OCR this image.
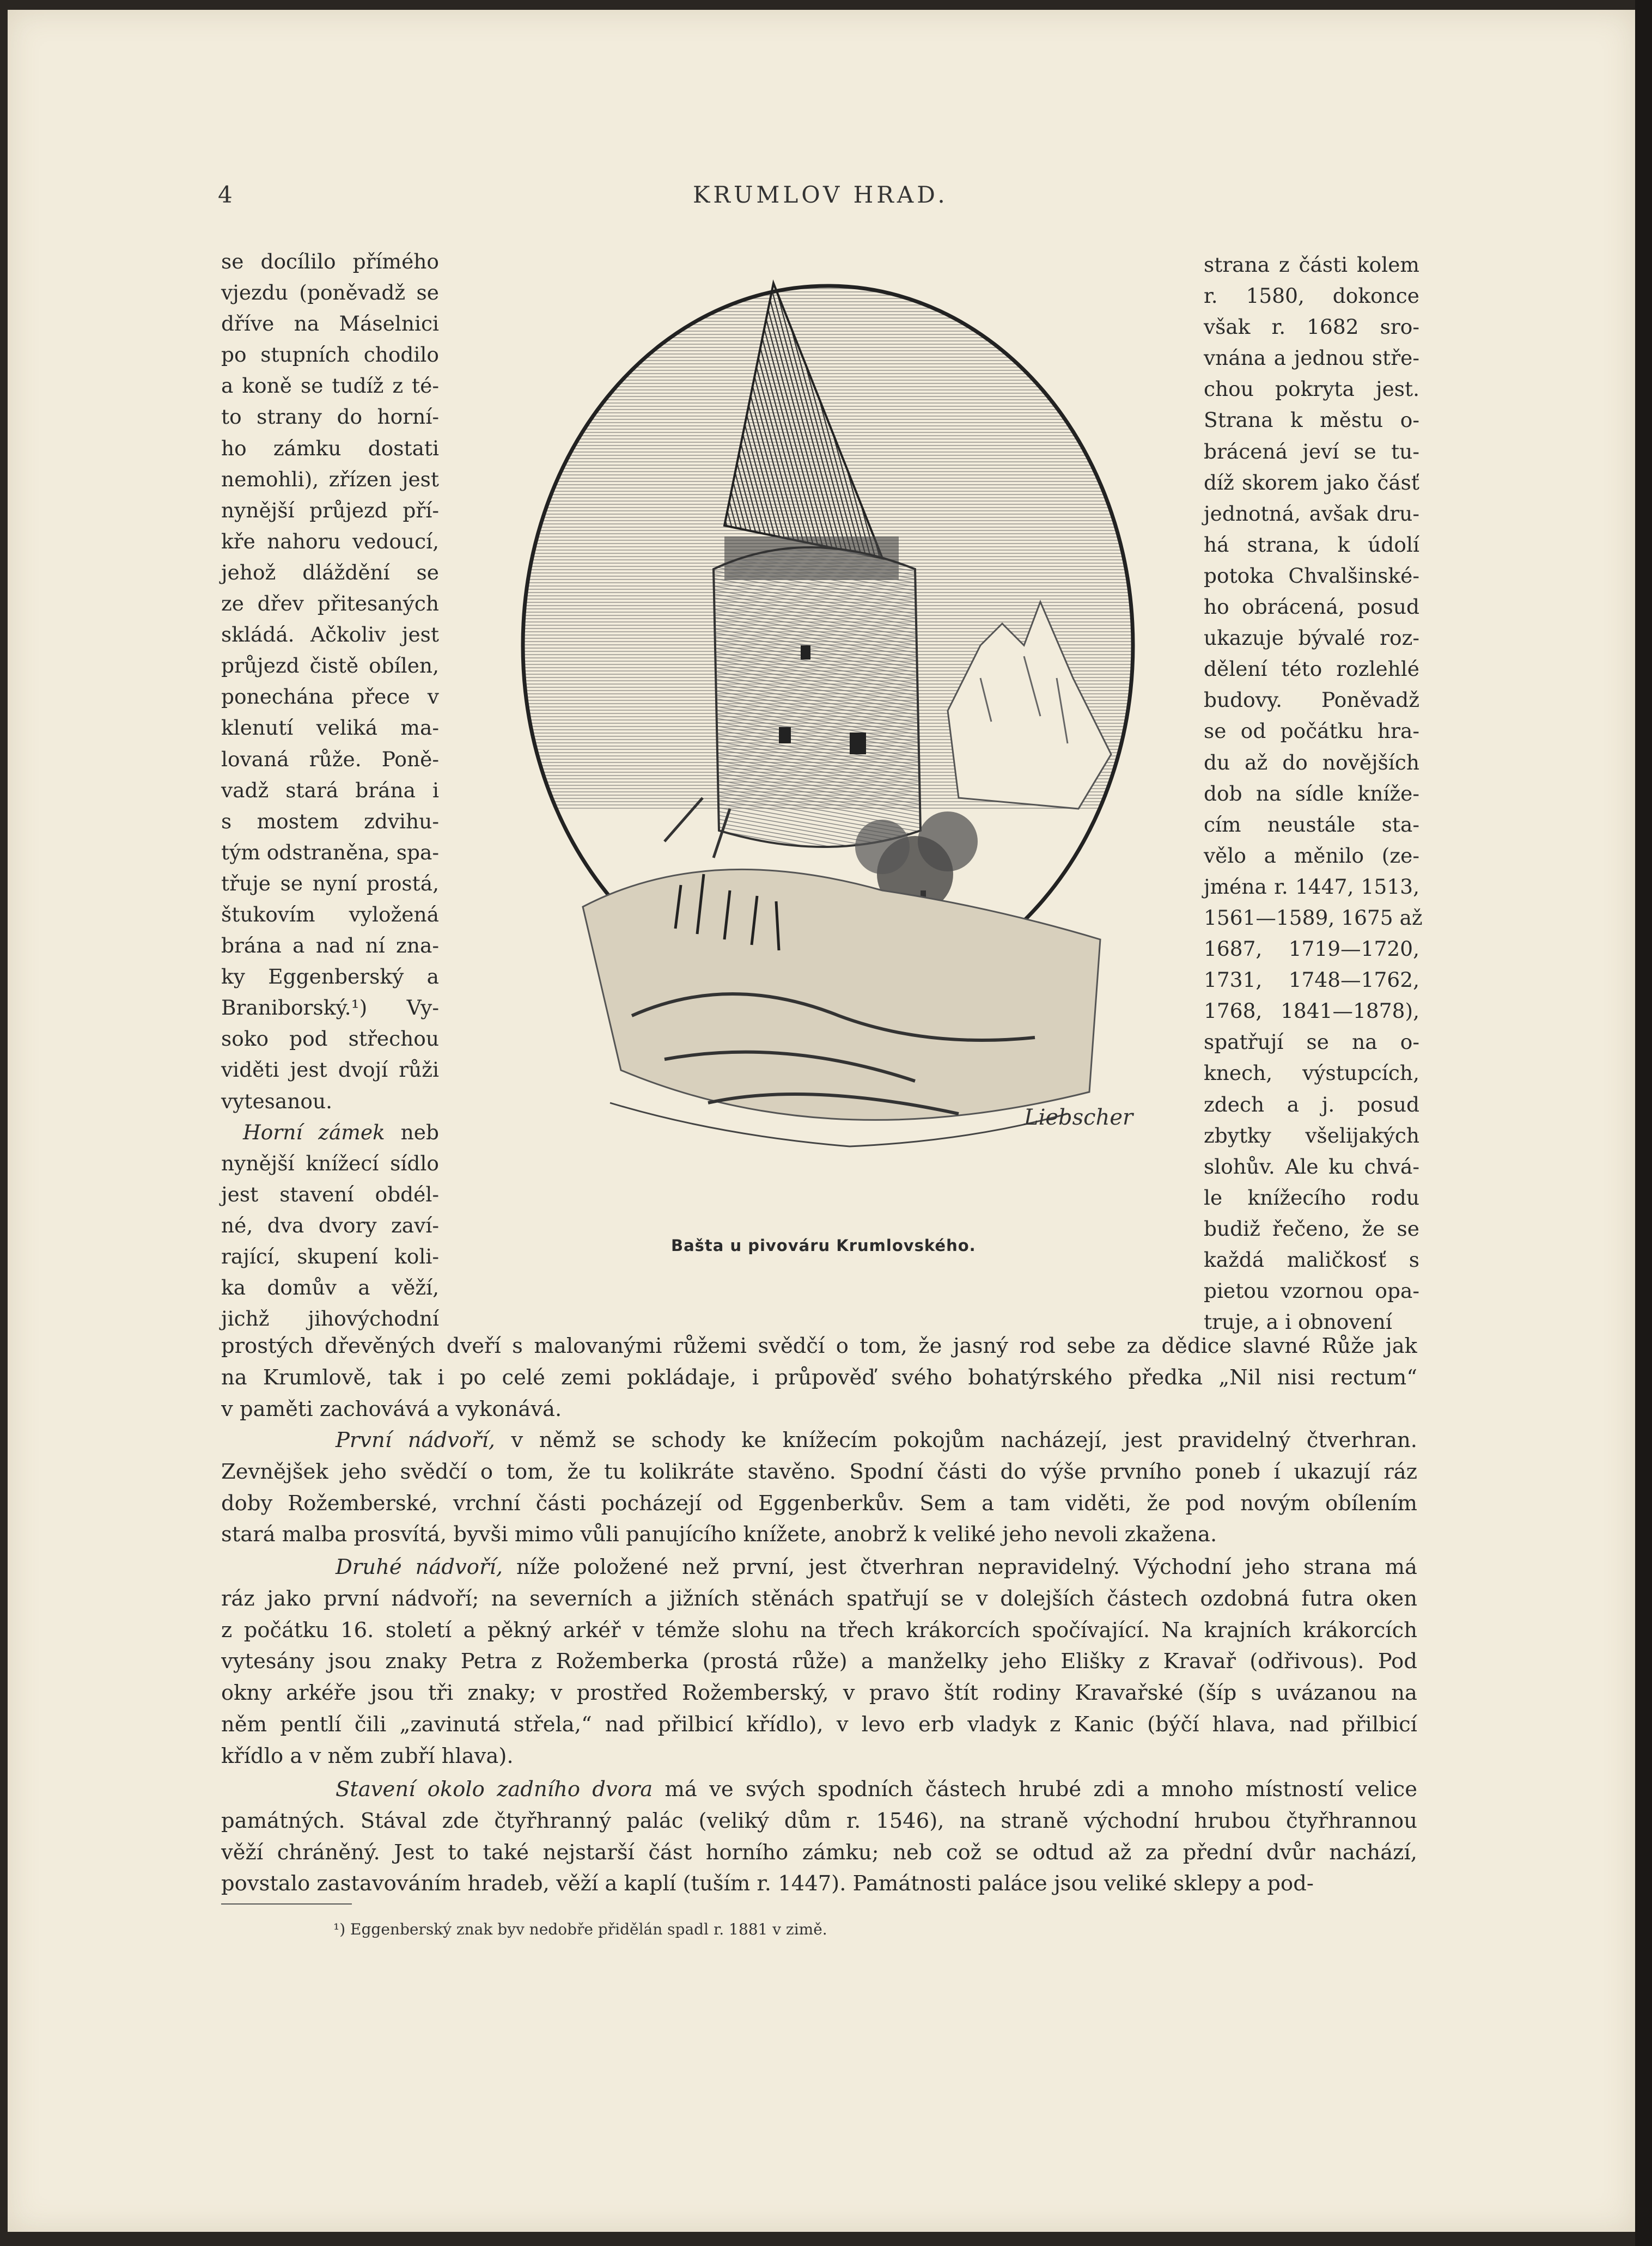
4	KRUMLOV HRAD.
se docílilo přímého
vjezdu (poněvadž se
dříve na Máselnici
po stupních chodilo
a koně se tudíž z té-
to strany do horní-
ho zámku dostati
nemohli), zřízen jest
nynější průjezd pří-
kře nahoru vedoucí,
jehož dláždění se
ze dřev přitesaných
skládá. Ačkoliv jest
průjezd čistě obílen,
ponechána přece v
klenutí veliká ma-
lovaná růže. Poně-
vadž stará brána i
s mostem zdvihu-
tým odstraněna, spa-
třuje se nyní prostá,
štukovím vyložená
brána a nad ní zna-
ky Eggenberský a
Braniborský.¹) Vy-
soko pod střechou
viděti jest dvojí růži
vytesanou.
Horní zámek neb
nynější knížecí sídlo
jest stavení obdél-
né, dva dvory zaví-
rající, skupení koli-
ka domův a věží,
jichž jihovýchodní
strana z části kolem
r. 1580, dokonce
však r. 1682 sro-
vnána a jednou stře-
chou pokryta jest.
Strana k městu o-
brácená jeví se tu-
díž skorem jako čásť
jednotná, avšak dru-
há strana, k údolí
potoka Chvalšinské-
ho obrácená, posud
ukazuje bývalé roz-
dělení této rozlehlé
budovy. Poněvadž
se od počátku hra-
du až do novějších
dob na sídle kníže-
cím neustále sta-
vělo a měnilo (ze-
jména r. 1447, 1513,
1561—1589, 1675 až
1687, 1719—1720,
1731, 1748—1762,
1768, 1841—1878),
spatřují se na o-
knech, výstupcích,
zdech a j. posud
zbytky všelijakých
slohův. Ale ku chvá-
le knížecího rodu
budiž řečeno, že se
každá maličkosť s
pietou vzornou opa-
truje, a i obnovení
Liebscher
Bašta u pivováru Krumlovského.
prostých dřevěných dveří s malovanými růžemi svědčí o tom, že jasný rod sebe za dědice slavné Růže jak
na Krumlově, tak i po celé zemi pokládaje, i průpověď svého bohatýrského předka „Nil nisi rectum“
v paměti zachovává a vykonává.
První nádvoří, v němž se schody ke knížecím pokojům nacházejí, jest pravidelný čtverhran.
Zevnějšek jeho svědčí o tom, že tu kolikráte stavěno. Spodní části do výše prvního poneb í ukazují ráz
doby Rožemberské, vrchní části pocházejí od Eggenberkův. Sem a tam viděti, že pod novým obílením
stará malba prosvítá, byvši mimo vůli panujícího knížete, anobrž k veliké jeho nevoli zkažena.
Druhé nádvoří, níže položené než první, jest čtverhran nepravidelný. Východní jeho strana má
ráz jako první nádvoří; na severních a jižních stěnách spatřují se v dolejších částech ozdobná futra oken
z počátku 16. století a pěkný arkéř v témže slohu na třech krákorcích spočívající. Na krajních krákorcích
vytesány jsou znaky Petra z Rožemberka (prostá růže) a manželky jeho Elišky z Kravař (odřivous). Pod
okny arkéře jsou tři znaky; v prostřed Rožemberský, v pravo štít rodiny Kravařské (šíp s uvázanou na
něm pentlí čili „zavinutá střela,“ nad přilbicí křídlo), v levo erb vladyk z Kanic (býčí hlava, nad přilbicí
křídlo a v něm zubří hlava).
Stavení okolo zadního dvora má ve svých spodních částech hrubé zdi a mnoho místností velice
památných. Stával zde čtyřhranný palác (veliký dům r. 1546), na straně východní hrubou čtyřhrannou
věží chráněný. Jest to také nejstarší část horního zámku; neb což se odtud až za přední dvůr nachází,
povstalo zastavováním hradeb, věží a kaplí (tuším r. 1447). Památnosti paláce jsou veliké sklepy a pod-
¹) Eggenberský znak byv nedobře přidělán spadl r. 1881 v zimě.
